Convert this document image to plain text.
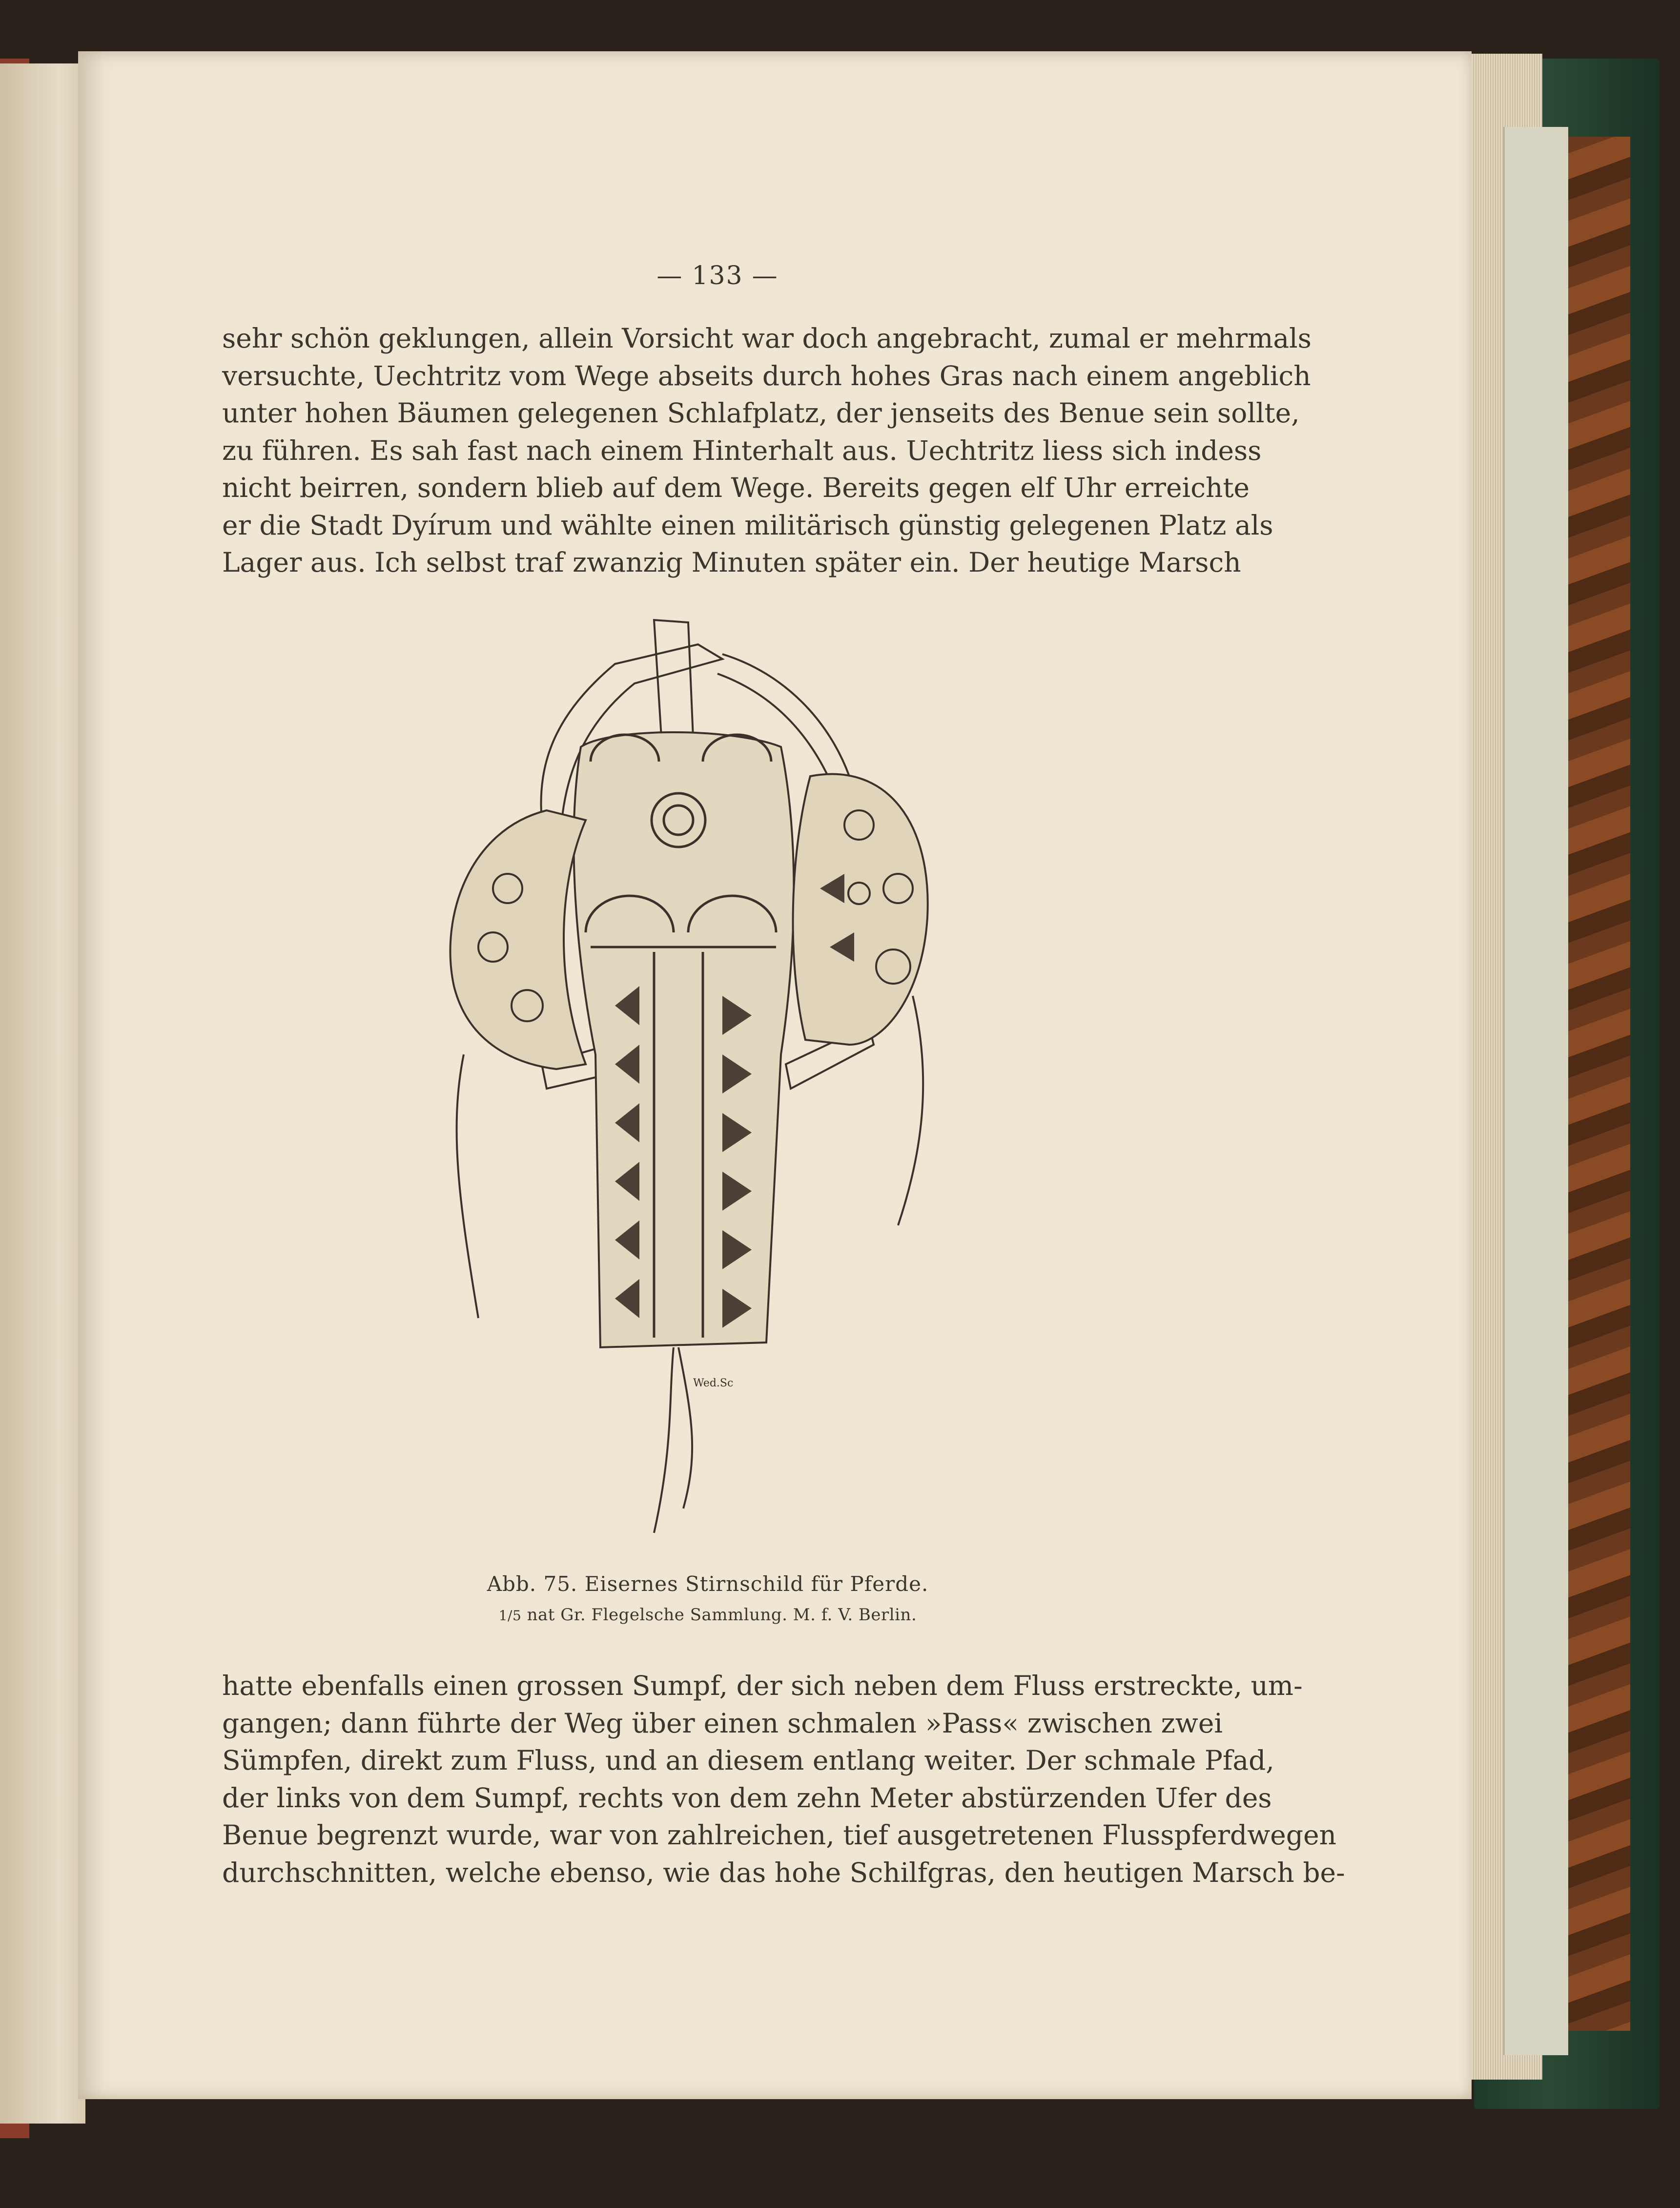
— 133 —
sehr schön geklungen, allein Vorsicht war doch angebracht, zumal er mehrmals
versuchte, Uechtritz vom Wege abseits durch hohes Gras nach einem angeblich
unter hohen Bäumen gelegenen Schlafplatz, der jenseits des Benue sein sollte,
zu führen. Es sah fast nach einem Hinterhalt aus. Uechtritz liess sich indess
nicht beirren, sondern blieb auf dem Wege. Bereits gegen elf Uhr erreichte
er die Stadt Dyírum und wählte einen militärisch günstig gelegenen Platz als
Lager aus. Ich selbst traf zwanzig Minuten später ein. Der heutige Marsch
Wed.Sc
Abb. 75. Eisernes Stirnschild für Pferde.
1/5 nat Gr. Flegelsche Sammlung. M. f. V. Berlin.
hatte ebenfalls einen grossen Sumpf, der sich neben dem Fluss erstreckte, um-
gangen; dann führte der Weg über einen schmalen »Pass« zwischen zwei
Sümpfen, direkt zum Fluss, und an diesem entlang weiter. Der schmale Pfad,
der links von dem Sumpf, rechts von dem zehn Meter abstürzenden Ufer des
Benue begrenzt wurde, war von zahlreichen, tief ausgetretenen Flusspferdwegen
durchschnitten, welche ebenso, wie das hohe Schilfgras, den heutigen Marsch be-
